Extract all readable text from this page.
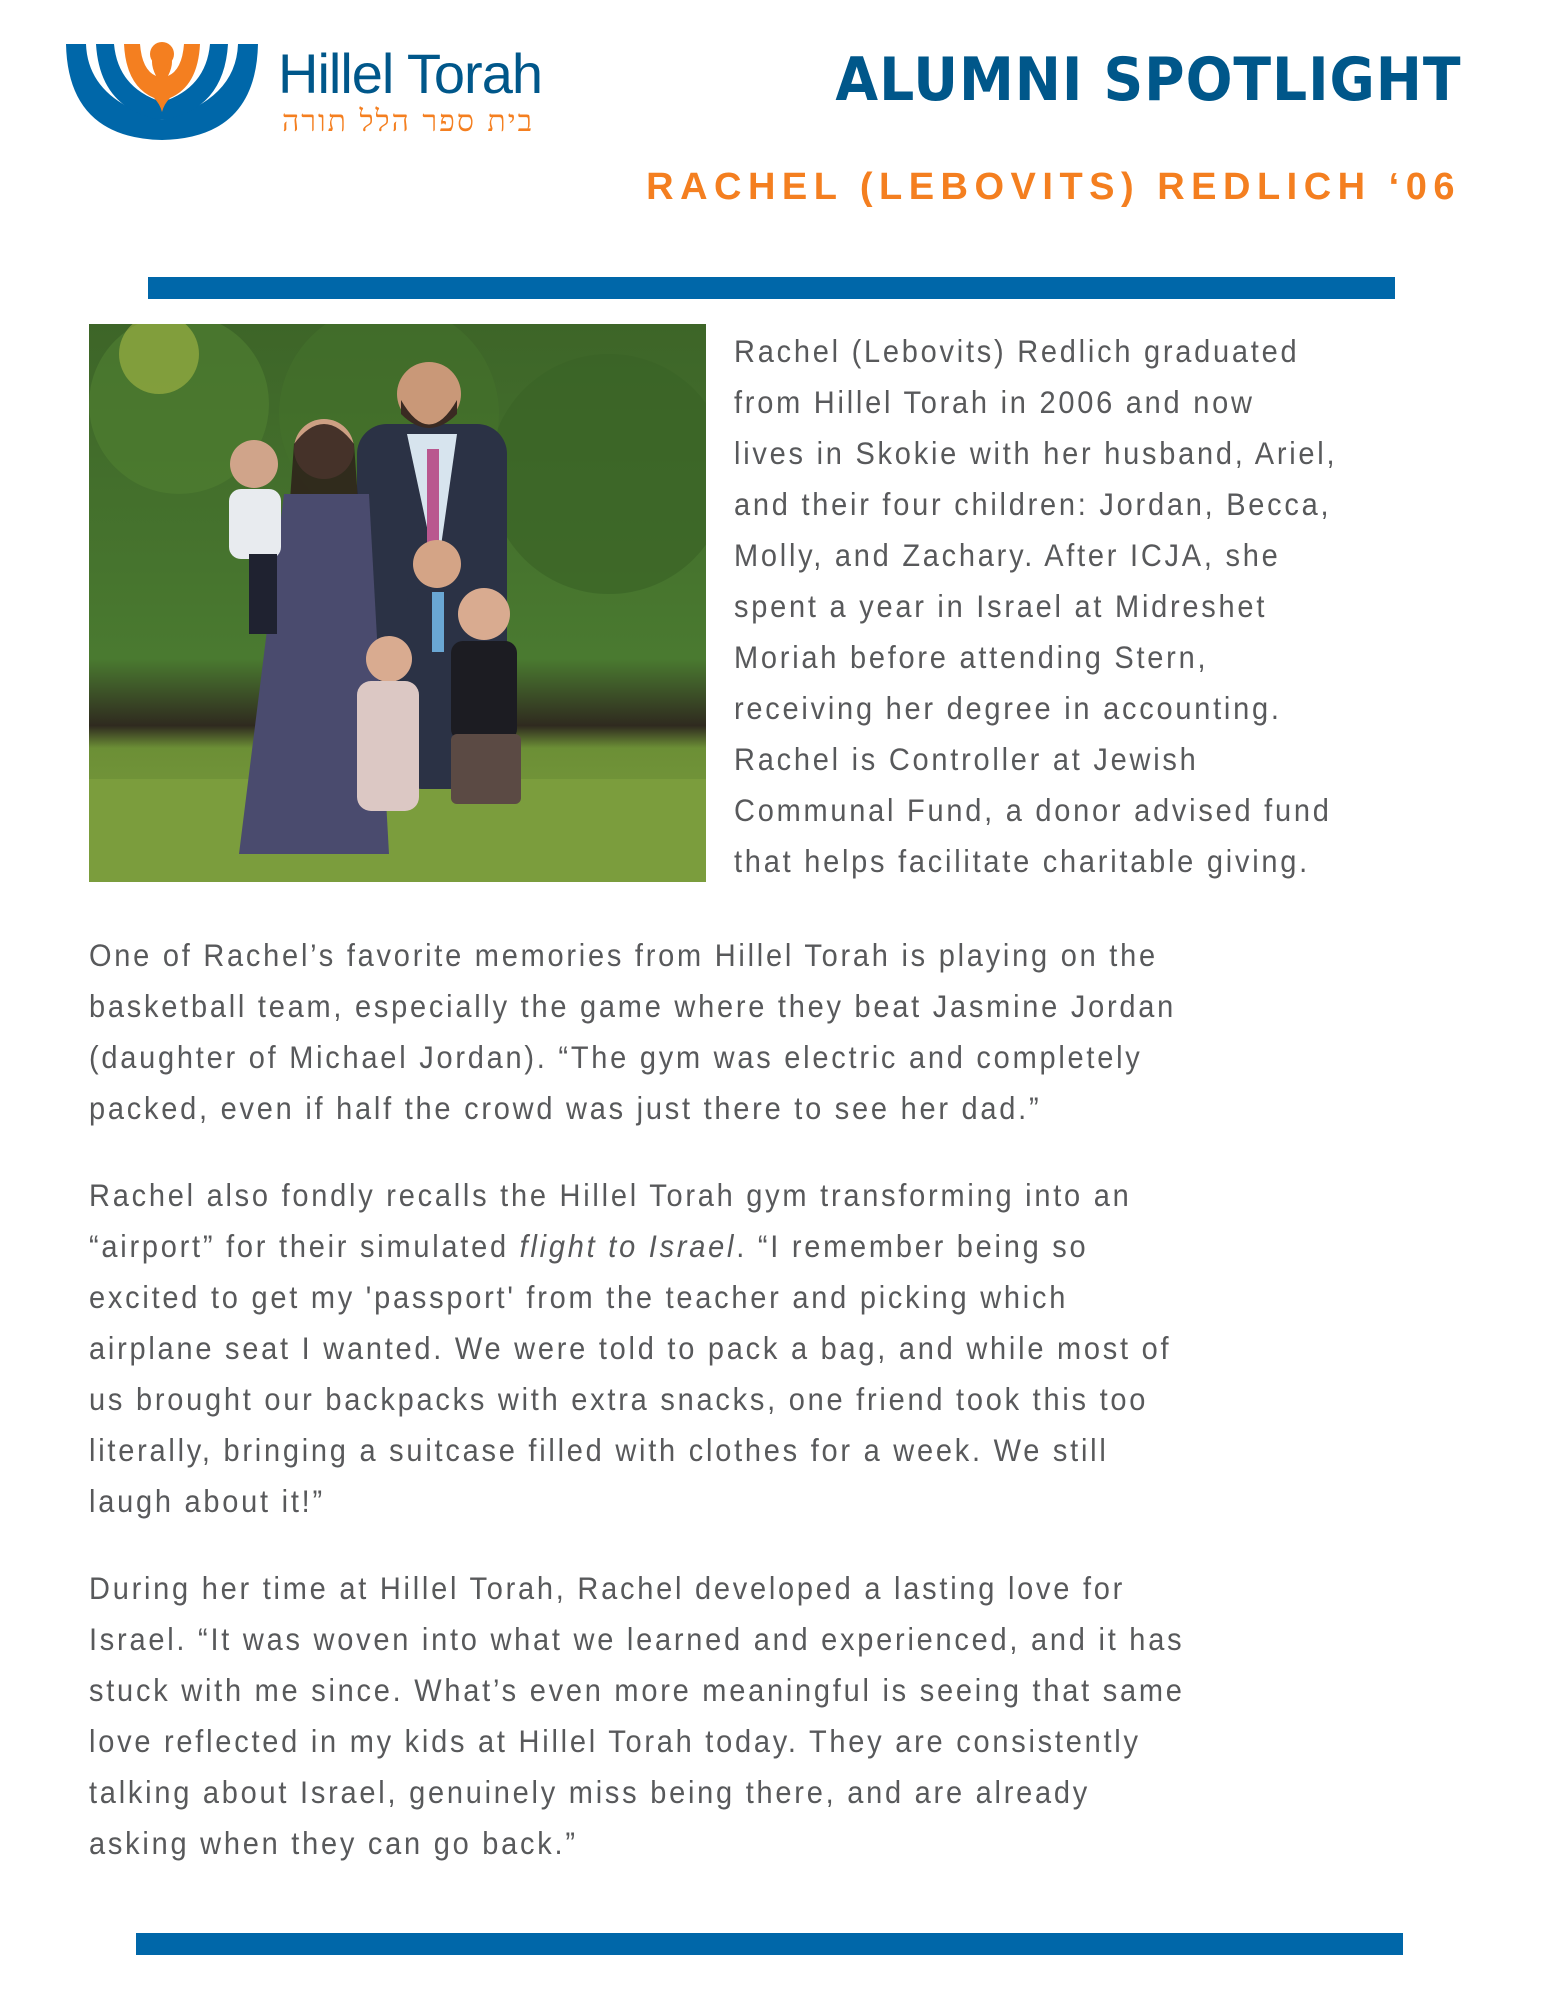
Hillel Torah
בית ספר הלל תורה
ALUMNI SPOTLIGHT
RACHEL (LEBOVITS) REDLICH ‘06

Rachel (Lebovits) Redlich graduated
from Hillel Torah in 2006 and now
lives in Skokie with her husband, Ariel,
and their four children: Jordan, Becca,
Molly, and Zachary. After ICJA, she
spent a year in Israel at Midreshet
Moriah before attending Stern,
receiving her degree in accounting.
Rachel is Controller at Jewish
Communal Fund, a donor advised fund
that helps facilitate charitable giving.

One of Rachel’s favorite memories from Hillel Torah is playing on the
basketball team, especially the game where they beat Jasmine Jordan
(daughter of Michael Jordan). “The gym was electric and completely
packed, even if half the crowd was just there to see her dad.”

Rachel also fondly recalls the Hillel Torah gym transforming into an
“airport” for their simulated flight to Israel. “I remember being so
excited to get my 'passport' from the teacher and picking which
airplane seat I wanted. We were told to pack a bag, and while most of
us brought our backpacks with extra snacks, one friend took this too
literally, bringing a suitcase filled with clothes for a week. We still
laugh about it!”

During her time at Hillel Torah, Rachel developed a lasting love for
Israel. “It was woven into what we learned and experienced, and it has
stuck with me since. What’s even more meaningful is seeing that same
love reflected in my kids at Hillel Torah today. They are consistently
talking about Israel, genuinely miss being there, and are already
asking when they can go back.”
